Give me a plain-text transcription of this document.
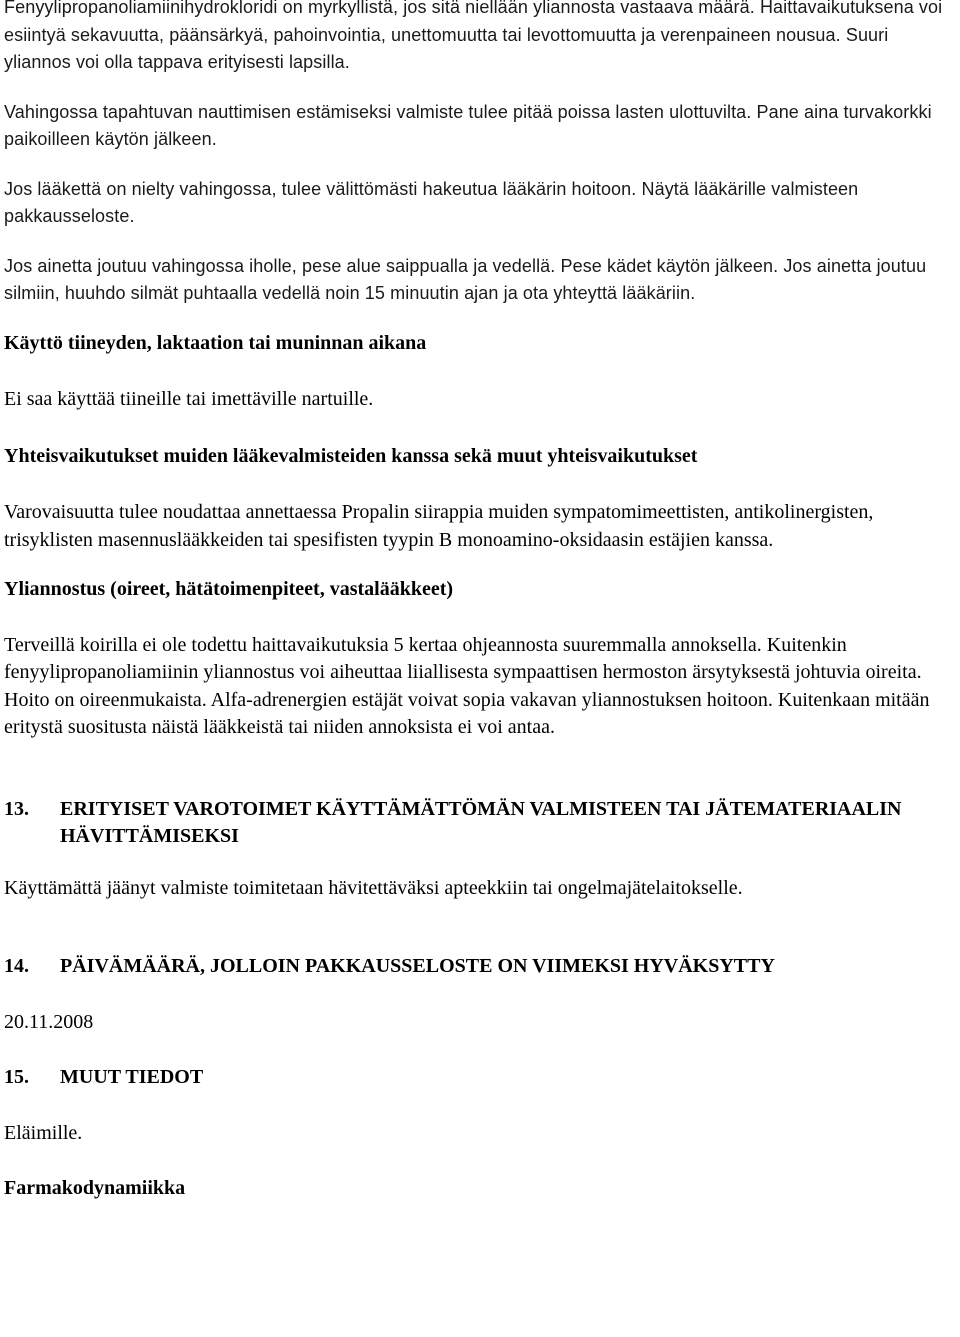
Fenyylipropanoliamiinihydrokloridi on myrkyllistä, jos sitä niellään yliannosta vastaava määrä. Haittavaikutuksena voi esiintyä sekavuutta, päänsärkyä, pahoinvointia, unettomuutta tai levottomuutta ja verenpaineen nousua. Suuri yliannos voi olla tappava erityisesti lapsilla.

Vahingossa tapahtuvan nauttimisen estämiseksi valmiste tulee pitää poissa lasten ulottuvilta. Pane aina turvakorkki paikoilleen käytön jälkeen.

Jos lääkettä on nielty vahingossa, tulee välittömästi hakeutua lääkärin hoitoon. Näytä lääkärille valmisteen pakkausseloste.

Jos ainetta joutuu vahingossa iholle, pese alue saippualla ja vedellä. Pese kädet käytön jälkeen. Jos ainetta joutuu silmiin, huuhdo silmät puhtaalla vedellä noin 15 minuutin ajan ja ota yhteyttä lääkäriin.

Käyttö tiineyden, laktaation tai muninnan aikana

Ei saa käyttää tiineille tai imettäville nartuille.

Yhteisvaikutukset muiden lääkevalmisteiden kanssa sekä muut yhteisvaikutukset

Varovaisuutta tulee noudattaa annettaessa Propalin siirappia muiden sympatomimeettisten, antikolinergisten, trisyklisten masennuslääkkeiden tai spesifisten tyypin B monoamino-oksidaasin estäjien kanssa.

Yliannostus (oireet, hätätoimenpiteet, vastalääkkeet)

Terveillä koirilla ei ole todettu haittavaikutuksia 5 kertaa ohjeannosta suuremmalla annoksella. Kuitenkin fenyylipropanoliamiinin yliannostus voi aiheuttaa liiallisesta sympaattisen hermoston ärsytyksestä johtuvia oireita. Hoito on oireenmukaista. Alfa-adrenergien estäjät voivat sopia vakavan yliannostuksen hoitoon. Kuitenkaan mitään eritystä suositusta näistä lääkkeistä tai niiden annoksista ei voi antaa.

13.	ERITYISET VAROTOIMET KÄYTTÄMÄTTÖMÄN VALMISTEEN TAI JÄTEMATERIAALIN HÄVITTÄMISEKSI

Käyttämättä jäänyt valmiste toimitetaan hävitettäväksi apteekkiin tai ongelmajätelaitokselle.

14.	PÄIVÄMÄÄRÄ, JOLLOIN PAKKAUSSELOSTE ON VIIMEKSI HYVÄKSYTTY

20.11.2008

15.	MUUT TIEDOT

Eläimille.

Farmakodynamiikka
